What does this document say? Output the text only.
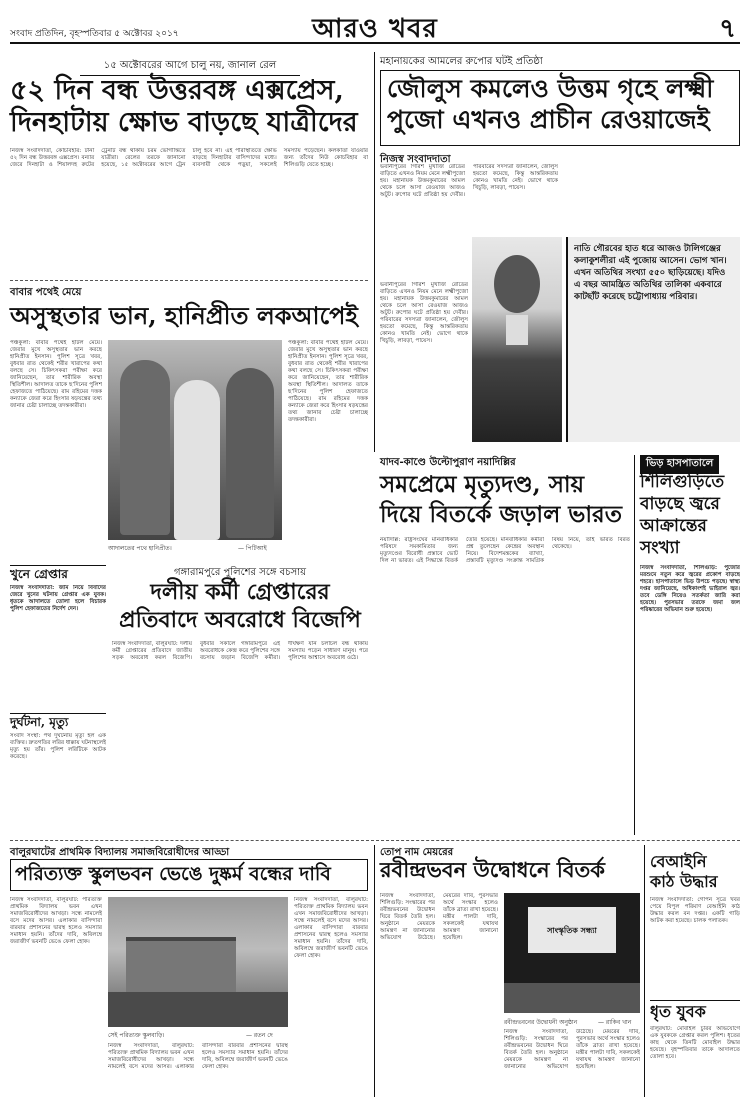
সংবাদ প্রতিদিন, বৃহস্পতিবার ৫ অক্টোবর ২০১৭	আরও খবর	৭
১৫ অক্টোবরের আগে চালু নয়, জানাল রেল
৫২ দিন বন্ধ উত্তরবঙ্গ এক্সপ্রেস,
দিনহাটায় ক্ষোভ বাড়ছে যাত্রীদের
নিজস্ব সংবাদদাতা, কোচবিহার: টানা ৫২ দিন বন্ধ উত্তরবঙ্গ এক্সপ্রেস। বন্যার জেরে দিনহাটা ও শিয়ালদহ রুটের ট্রেনটি বন্ধ থাকায় চরম ভোগান্তিতে যাত্রীরা। রেলের তরফে জানানো হয়েছে, ১৫ অক্টোবরের আগে ট্রেন চালু হবে না। এই পরিস্থিতিতে ক্ষোভ বাড়ছে দিনহাটার বাসিন্দাদের মধ্যে। ব্যবসায়ী থেকে পড়ুয়া, সকলেই সমস্যায় পড়েছেন। কলকাতা যাওয়ার জন্য তাঁদের নিউ কোচবিহার বা শিলিগুড়ি যেতে হচ্ছে।
মহানায়কের আমলের রুপোর ঘটই প্রতিষ্ঠা
জৌলুস কমলেও উত্তম গৃহে লক্ষ্মী
পুজো এখনও প্রাচীন রেওয়াজেই
নিজস্ব সংবাদদাতা
ভবানীপুরের গিরিশ মুখার্জি রোডের বাড়িতে এখনও নিয়ম মেনে লক্ষ্মীপুজো হয়। মহানায়ক উত্তমকুমারের আমল থেকে চলে আসা রেওয়াজ আজও অটুট। রুপোর ঘটে প্রতিষ্ঠা হয় দেবীর। পরিবারের সদস্যরা জানালেন, জৌলুস হয়তো কমেছে, কিন্তু আন্তরিকতায় কোনও খামতি নেই। ভোগে থাকে খিচুড়ি, লাবড়া, পায়েস।
নাতি গৌরবের হাত ধরে আজও টালিগঞ্জের কলাকুশলীরা এই পুজোয় আসেন। ভোগ খান। এখন অতিথির সংখ্যা ৫৫০ ছাড়িয়েছে। যদিও এ বছর আমন্ত্রিত অতিথির তালিকা একবারে কাটছাঁট করেছে চট্টোপাধ্যায় পরিবার।
ভবানীপুরের গিরিশ মুখার্জি রোডের বাড়িতে এখনও নিয়ম মেনে লক্ষ্মীপুজো হয়। মহানায়ক উত্তমকুমারের আমল থেকে চলে আসা রেওয়াজ আজও অটুট। রুপোর ঘটে প্রতিষ্ঠা হয় দেবীর। পরিবারের সদস্যরা জানালেন, জৌলুস হয়তো কমেছে, কিন্তু আন্তরিকতায় কোনও খামতি নেই। ভোগে থাকে খিচুড়ি, লাবড়া, পায়েস।
বাবার পথেই মেয়ে
অসুস্থতার ভান, হানিপ্রীত লকআপেই
পঞ্চকুলা: বাবার পথেই হাঁটল মেয়ে। জেরার মুখে অসুস্থতার ভান করছে হানিপ্রীত ইনসান। পুলিশ সূত্রে খবর, বুধবার রাত থেকেই শরীর খারাপের কথা বলছে সে। চিকিৎসকরা পরীক্ষা করে জানিয়েছেন, তার শারীরিক অবস্থা স্থিতিশীল। আদালত তাকে ছ’দিনের পুলিশ হেফাজতে পাঠিয়েছে। রাম রহিমের দত্তক কন্যাকে জেরা করে হিংসার ষড়যন্ত্রের তথ্য জানার চেষ্টা চালাচ্ছে তদন্তকারীরা।
আদালতের পথে হানিপ্রীত।	— পিটিআই
পঞ্চকুলা: বাবার পথেই হাঁটল মেয়ে। জেরার মুখে অসুস্থতার ভান করছে হানিপ্রীত ইনসান। পুলিশ সূত্রে খবর, বুধবার রাত থেকেই শরীর খারাপের কথা বলছে সে। চিকিৎসকরা পরীক্ষা করে জানিয়েছেন, তার শারীরিক অবস্থা স্থিতিশীল। আদালত তাকে ছ’দিনের পুলিশ হেফাজতে পাঠিয়েছে। রাম রহিমের দত্তক কন্যাকে জেরা করে হিংসার ষড়যন্ত্রের তথ্য জানার চেষ্টা চালাচ্ছে তদন্তকারীরা।
খুনে গ্রেপ্তার
নিজস্ব সংবাদদাতা: জমি নিয়ে বিবাদের জেরে খুনের ঘটনায় গ্রেপ্তার এক যুবক। ধৃতকে আদালতে তোলা হলে বিচারক পুলিশ হেফাজতের নির্দেশ দেন।
দুর্ঘটনা, মৃত্যু
সংবাদ সংস্থা: পথ দুর্ঘটনায় মৃত্যু হল এক ব্যক্তির। দ্রুতগতির লরির ধাক্কায় ঘটনাস্থলেই মৃত্যু হয় তাঁর। পুলিশ লরিটিকে আটক করেছে।
গঙ্গারামপুরে পুলিশের সঙ্গে বচসায়
দলীয় কর্মী গ্রেপ্তারের
প্রতিবাদে অবরোধে বিজেপি
নিজস্ব সংবাদদাতা, বালুরঘাট: দলীয় কর্মী গ্রেপ্তারের প্রতিবাদে জাতীয় সড়ক অবরোধ করল বিজেপি। বুধবার সকালে গঙ্গারামপুরে এই অবরোধকে কেন্দ্র করে পুলিশের সঙ্গে বচসায় জড়ান বিজেপি কর্মীরা। দীর্ঘক্ষণ যান চলাচল বন্ধ থাকায় সমস্যায় পড়েন সাধারণ মানুষ। পরে পুলিশের আশ্বাসে অবরোধ ওঠে।
যাদব-কাণ্ডে উল্টোপুরাণ নয়াদিল্লির
সমপ্রেমে মৃত্যুদণ্ড, সায়
দিয়ে বিতর্কে জড়াল ভারত
নয়াদিল্লি: রাষ্ট্রসংঘের মানবাধিকার পরিষদে সমকামিতার জন্য মৃত্যুদণ্ডের বিরোধী প্রস্তাবে ভোট দিল না ভারত। এই সিদ্ধান্তে বিতর্ক তৈরি হয়েছে। মানবাধিকার কর্মীরা প্রশ্ন তুলেছেন কেন্দ্রের অবস্থান নিয়ে। বিদেশমন্ত্রকের ব্যাখ্যা, প্রস্তাবটি মৃত্যুদণ্ড সংক্রান্ত সামগ্রিক বিষয় নিয়ে, তাই ভারত বিরত থেকেছে।
ভিড় হাসপাতালে
শিলিগুড়িতে
বাড়ছে জ্বরে
আক্রান্তের
সংখ্যা
নিজস্ব সংবাদদাতা, শিলিগুড়ি: পুজোর মরশুমে নতুন করে জ্বরের প্রকোপ বাড়ছে শহরে। হাসপাতালে ভিড় উপচে পড়ছে। স্বাস্থ্য দপ্তর জানিয়েছে, অধিকাংশই ভাইরাল জ্বর। তবে ডেঙ্গি নিয়েও সতর্কতা জারি করা হয়েছে। পুরসভার তরফে জমা জল পরিষ্কারের অভিযান শুরু হয়েছে।
বালুরঘাটের প্রাথমিক বিদ্যালয় সমাজবিরোধীদের আড্ডা
পরিত্যক্ত স্কুলভবন ভেঙে দুষ্কর্ম বন্ধের দাবি
নিজস্ব সংবাদদাতা, বালুরঘাট: পরিত্যক্ত প্রাথমিক বিদ্যালয় ভবন এখন সমাজবিরোধীদের আখড়া। সন্ধে নামলেই বসে মদের আসর। এলাকার বাসিন্দারা বারবার প্রশাসনের দ্বারস্থ হলেও সমস্যার সমাধান হয়নি। তাঁদের দাবি, অবিলম্বে জরাজীর্ণ ভবনটি ভেঙে ফেলা হোক।
সেই পরিত্যক্ত স্কুলবাড়ি।	— রতন দে
নিজস্ব সংবাদদাতা, বালুরঘাট: পরিত্যক্ত প্রাথমিক বিদ্যালয় ভবন এখন সমাজবিরোধীদের আখড়া। সন্ধে নামলেই বসে মদের আসর। এলাকার বাসিন্দারা বারবার প্রশাসনের দ্বারস্থ হলেও সমস্যার সমাধান হয়নি। তাঁদের দাবি, অবিলম্বে জরাজীর্ণ ভবনটি ভেঙে ফেলা হোক।
নিজস্ব সংবাদদাতা, বালুরঘাট: পরিত্যক্ত প্রাথমিক বিদ্যালয় ভবন এখন সমাজবিরোধীদের আখড়া। সন্ধে নামলেই বসে মদের আসর। এলাকার বাসিন্দারা বারবার প্রশাসনের দ্বারস্থ হলেও সমস্যার সমাধান হয়নি। তাঁদের দাবি, অবিলম্বে জরাজীর্ণ ভবনটি ভেঙে ফেলা হোক।
তোপ নাম মেয়রের
রবীন্দ্রভবন উদ্বোধনে বিতর্ক
নিজস্ব সংবাদদাতা, শিলিগুড়ি: সংস্কারের পর রবীন্দ্রভবনের উদ্বোধন ঘিরে বিতর্ক তৈরি হল। অনুষ্ঠানে মেয়রকে আমন্ত্রণ না জানানোর অভিযোগ উঠেছে। মেয়রের দাবি, পুরসভার অর্থে সংস্কার হলেও তাঁকে ব্রাত্য রাখা হয়েছে। মন্ত্রীর পালটা দাবি, সকলকেই যথাযথ আমন্ত্রণ জানানো হয়েছিল।
সাংস্কৃতিক সন্ধ্যা
রবীন্দ্রভবনের উদ্বোধনী অনুষ্ঠান	— রাকিব খান
নিজস্ব সংবাদদাতা, শিলিগুড়ি: সংস্কারের পর রবীন্দ্রভবনের উদ্বোধন ঘিরে বিতর্ক তৈরি হল। অনুষ্ঠানে মেয়রকে আমন্ত্রণ না জানানোর অভিযোগ উঠেছে। মেয়রের দাবি, পুরসভার অর্থে সংস্কার হলেও তাঁকে ব্রাত্য রাখা হয়েছে। মন্ত্রীর পালটা দাবি, সকলকেই যথাযথ আমন্ত্রণ জানানো হয়েছিল।
বেআইনি
কাঠ উদ্ধার
নিজস্ব সংবাদদাতা: গোপন সূত্রে খবর পেয়ে বিপুল পরিমাণ বেআইনি কাঠ উদ্ধার করল বন দপ্তর। একটি গাড়ি আটক করা হয়েছে। চালক পলাতক।
ধৃত যুবক
বালুরঘাট: মোবাইল চুরির অভিযোগে এক যুবককে গ্রেপ্তার করল পুলিশ। ধৃতের কাছ থেকে তিনটি মোবাইল উদ্ধার হয়েছে। বৃহস্পতিবার তাকে আদালতে তোলা হবে।
